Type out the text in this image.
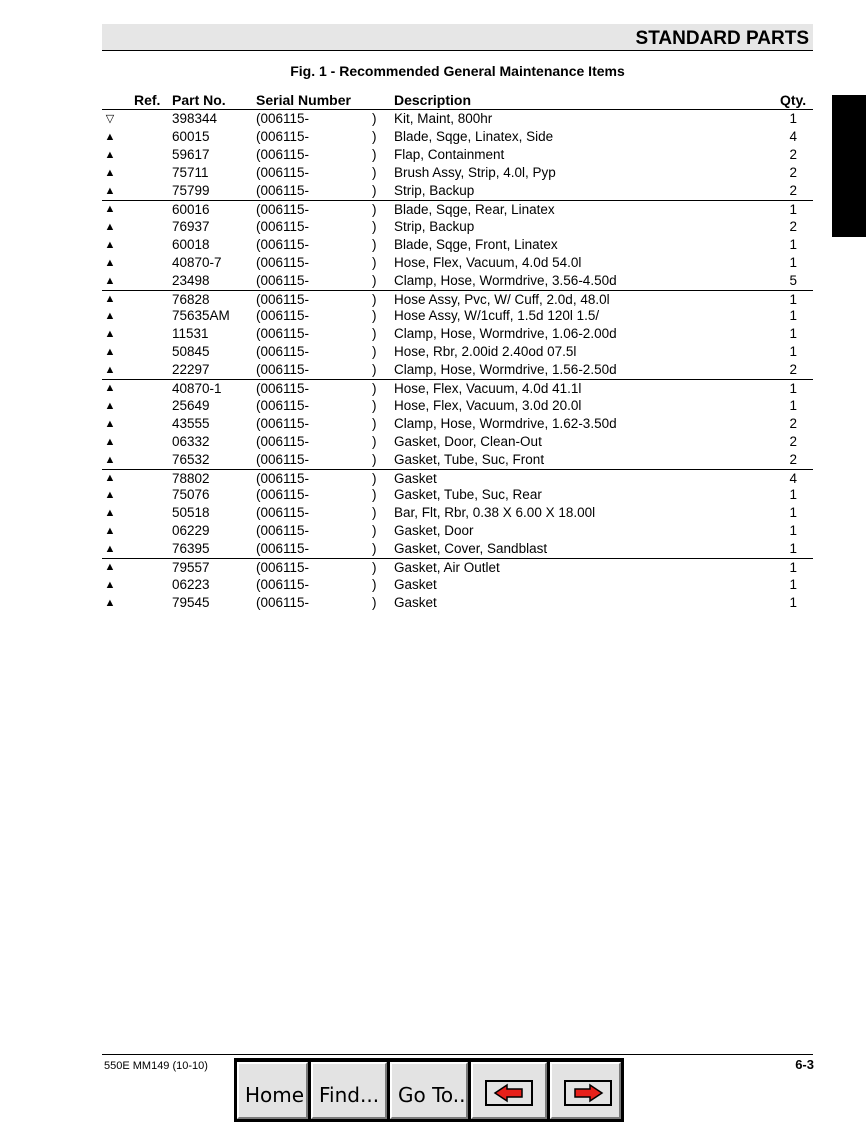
STANDARD PARTS
Fig. 1 - Recommended General Maintenance Items
Ref. Part No. Serial Number	Description	Qty.
▽	398344	(006115-	) Kit, Maint, 800hr	1
▲	60015	(006115-	) Blade, Sqge, Linatex, Side	4
▲	59617	(006115-	) Flap, Containment	2
▲	75711	(006115-	) Brush Assy, Strip, 4.0l, Pyp	2
▲	75799	(006115-	) Strip, Backup	2
▲	60016	(006115-	) Blade, Sqge, Rear, Linatex	1
▲	76937	(006115-	) Strip, Backup	2
▲	60018	(006115-	) Blade, Sqge, Front, Linatex	1
▲	40870-7	(006115-	) Hose, Flex, Vacuum, 4.0d 54.0l	1
▲	23498	(006115-	) Clamp, Hose, Wormdrive, 3.56-4.50d	5
▲	76828	(006115-	) Hose Assy, Pvc, W/ Cuff, 2.0d, 48.0l	1
▲	75635AM (006115-	) Hose Assy, W/1cuff, 1.5d 120l 1.5/	1
▲	11531	(006115-	) Clamp, Hose, Wormdrive, 1.06-2.00d	1
▲	50845	(006115-	) Hose, Rbr, 2.00id 2.40od 07.5l	1
▲	22297	(006115-	) Clamp, Hose, Wormdrive, 1.56-2.50d	2
▲	40870-1	(006115-	) Hose, Flex, Vacuum, 4.0d 41.1l	1
▲	25649	(006115-	) Hose, Flex, Vacuum, 3.0d 20.0l	1
▲	43555	(006115-	) Clamp, Hose, Wormdrive, 1.62-3.50d	2
▲	06332	(006115-	) Gasket, Door, Clean-Out	2
▲	76532	(006115-	) Gasket, Tube, Suc, Front	2
▲	78802	(006115-	) Gasket	4
▲	75076	(006115-	) Gasket, Tube, Suc, Rear	1
▲	50518	(006115-	) Bar, Flt, Rbr, 0.38 X 6.00 X 18.00l	1
▲	06229	(006115-	) Gasket, Door	1
▲	76395	(006115-	) Gasket, Cover, Sandblast	1
▲	79557	(006115-	) Gasket, Air Outlet	1
▲	06223	(006115-	) Gasket	1
▲	79545	(006115-	) Gasket	1
550E MM149 (10-10)	6-3
Home Find... Go To..
